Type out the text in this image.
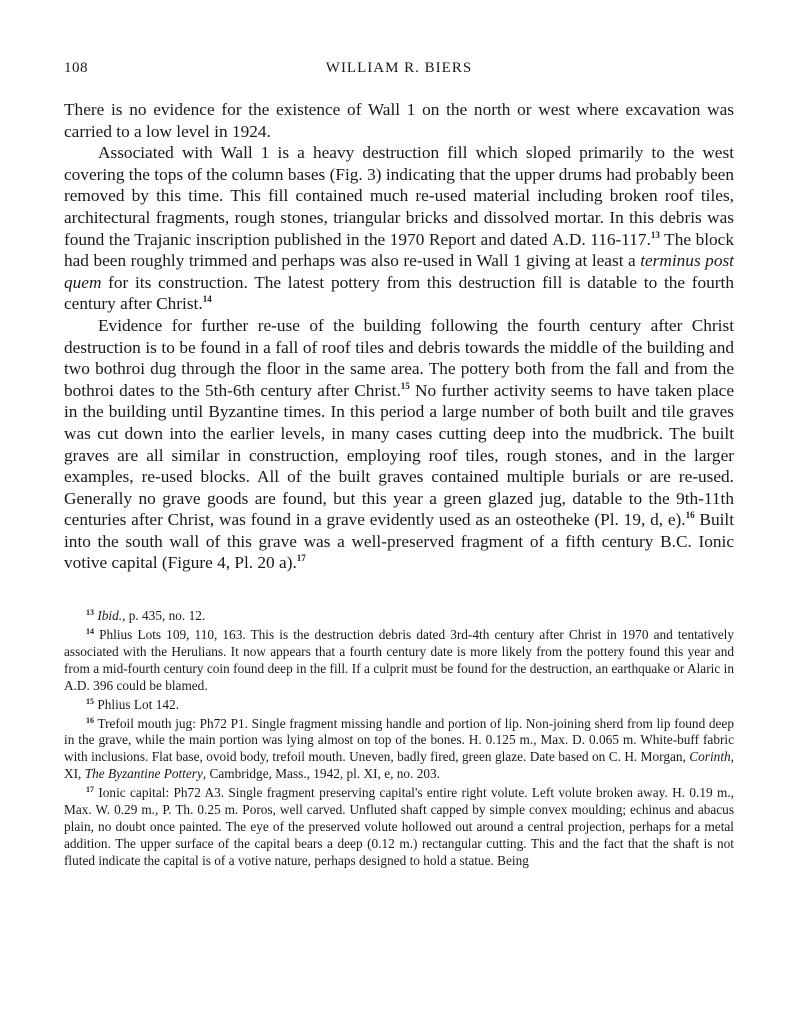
108	WILLIAM R. BIERS

There is no evidence for the existence of Wall 1 on the north or west where excavation was carried to a low level in 1924.

Associated with Wall 1 is a heavy destruction fill which sloped primarily to the west covering the tops of the column bases (Fig. 3) indicating that the upper drums had probably been removed by this time. This fill contained much re-used material including broken roof tiles, architectural fragments, rough stones, triangular bricks and dissolved mortar. In this debris was found the Trajanic inscription published in the 1970 Report and dated A.D. 116-117.13 The block had been roughly trimmed and perhaps was also re-used in Wall 1 giving at least a terminus post quem for its construction. The latest pottery from this destruction fill is datable to the fourth century after Christ.$^{14}$

Evidence for further re-use of the building following the fourth century after Christ destruction is to be found in a fall of roof tiles and debris towards the middle of the building and two bothroi dug through the floor in the same area. The pottery both from the fall and from the bothroi dates to the 5th-6th century after Christ.$^{15}$ No further activity seems to have taken place in the building until Byzantine times. In this period a large number of both built and tile graves was cut down into the earlier levels, in many cases cutting deep into the mudbrick. The built graves are all similar in construction, employing roof tiles, rough stones, and in the larger examples, re-used blocks. All of the built graves contained multiple burials or are re-used. Generally no grave goods are found, but this year a green glazed jug, datable to the 9th-11th centuries after Christ, was found in a grave evidently used as an osteotheke (Pl. 19, d, e).$^{16}$ Built into the south wall of this grave was a well-preserved fragment of a fifth century B.C. Ionic votive capital (Figure 4, Pl. 20 a).$^{17}$

$^{13}$ Ibid., p. 435, no. 12.

$^{14}$ Phlius Lots 109, 110, 163. This is the destruction debris dated 3rd-4th century after Christ in 1970 and tentatively associated with the Herulians. It now appears that a fourth century date is more likely from the pottery found this year and from a mid-fourth century coin found deep in the fill. If a culprit must be found for the destruction, an earthquake or Alaric in A.D. 396 could be blamed.

$^{15}$ Phlius Lot 142.

$^{16}$ Trefoil mouth jug: Ph72 P1. Single fragment missing handle and portion of lip. Non-joining sherd from lip found deep in the grave, while the main portion was lying almost on top of the bones. H. 0.125 m., Max. D. 0.065 m. White-buff fabric with inclusions. Flat base, ovoid body, trefoil mouth. Uneven, badly fired, green glaze. Date based on C. H. Morgan, Corinth, XI, The Byzantine Pottery, Cambridge, Mass., 1942, pl. XI, e, no. 203.

$^{17}$ Ionic capital: Ph72 A3. Single fragment preserving capital's entire right volute. Left volute broken away. H. 0.19 m., Max. W. 0.29 m., P. Th. 0.25 m. Poros, well carved. Unfluted shaft capped by simple convex moulding; echinus and abacus plain, no doubt once painted. The eye of the preserved volute hollowed out around a central projection, perhaps for a metal addition. The upper surface of the capital bears a deep (0.12 m.) rectangular cutting. This and the fact that the shaft is not fluted indicate the capital is of a votive nature, perhaps designed to hold a statue. Being
